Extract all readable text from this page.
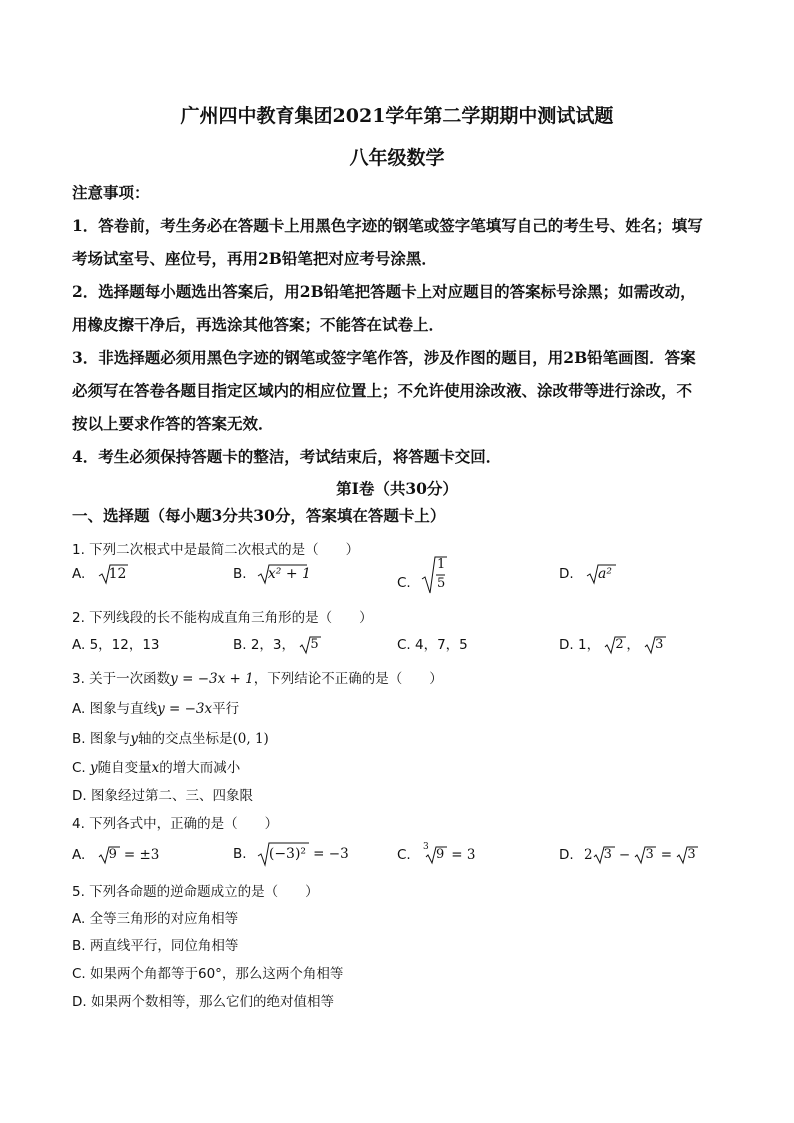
广州四中教育集团2021学年第二学期期中测试试题
八年级数学
注意事项：
1．答卷前，考生务必在答题卡上用黑色字迹的钢笔或签字笔填写自己的考生号、姓名；填写
考场试室号、座位号，再用2B铅笔把对应考号涂黑．
2．选择题每小题选出答案后，用2B铅笔把答题卡上对应题目的答案标号涂黑；如需改动，
用橡皮擦干净后，再选涂其他答案；不能答在试卷上．
3．非选择题必须用黑色字迹的钢笔或签字笔作答，涉及作图的题目，用2B铅笔画图．答案
必须写在答卷各题目指定区域内的相应位置上；不允许使用涂改液、涂改带等进行涂改，不
按以上要求作答的答案无效．
4．考生必须保持答题卡的整洁，考试结束后，将答题卡交回．
第I卷（共30分）
一、选择题（每小题3分共30分，答案填在答题卡上）
1. 下列二次根式中是最简二次根式的是（　　）
A. 12	B. x² + 1
C.
1
5
D. a²
2. 下列线段的长不能构成直角三角形的是（　　）
A. 5，12，13	B. 2，3， 5	C. 4，7，5	D. 1， 2 ， 3
3. 关于一次函数y = −3x + 1，下列结论不正确的是（　　）
A. 图象与直线y = −3x平行
B. 图象与y轴的交点坐标是(0, 1)
C. y随自变量x的增大而减小
D. 图象经过第二、三、四象限
4. 下列各式中，正确的是（　　）
A. 9 = ±3	B. (−3)² = −3	C. 3 9 = 3	D. 2 3 − 3 = 3
5. 下列各命题的逆命题成立的是（　　）
A. 全等三角形的对应角相等
B. 两直线平行，同位角相等
C. 如果两个角都等于60°，那么这两个角相等
D. 如果两个数相等，那么它们的绝对值相等
